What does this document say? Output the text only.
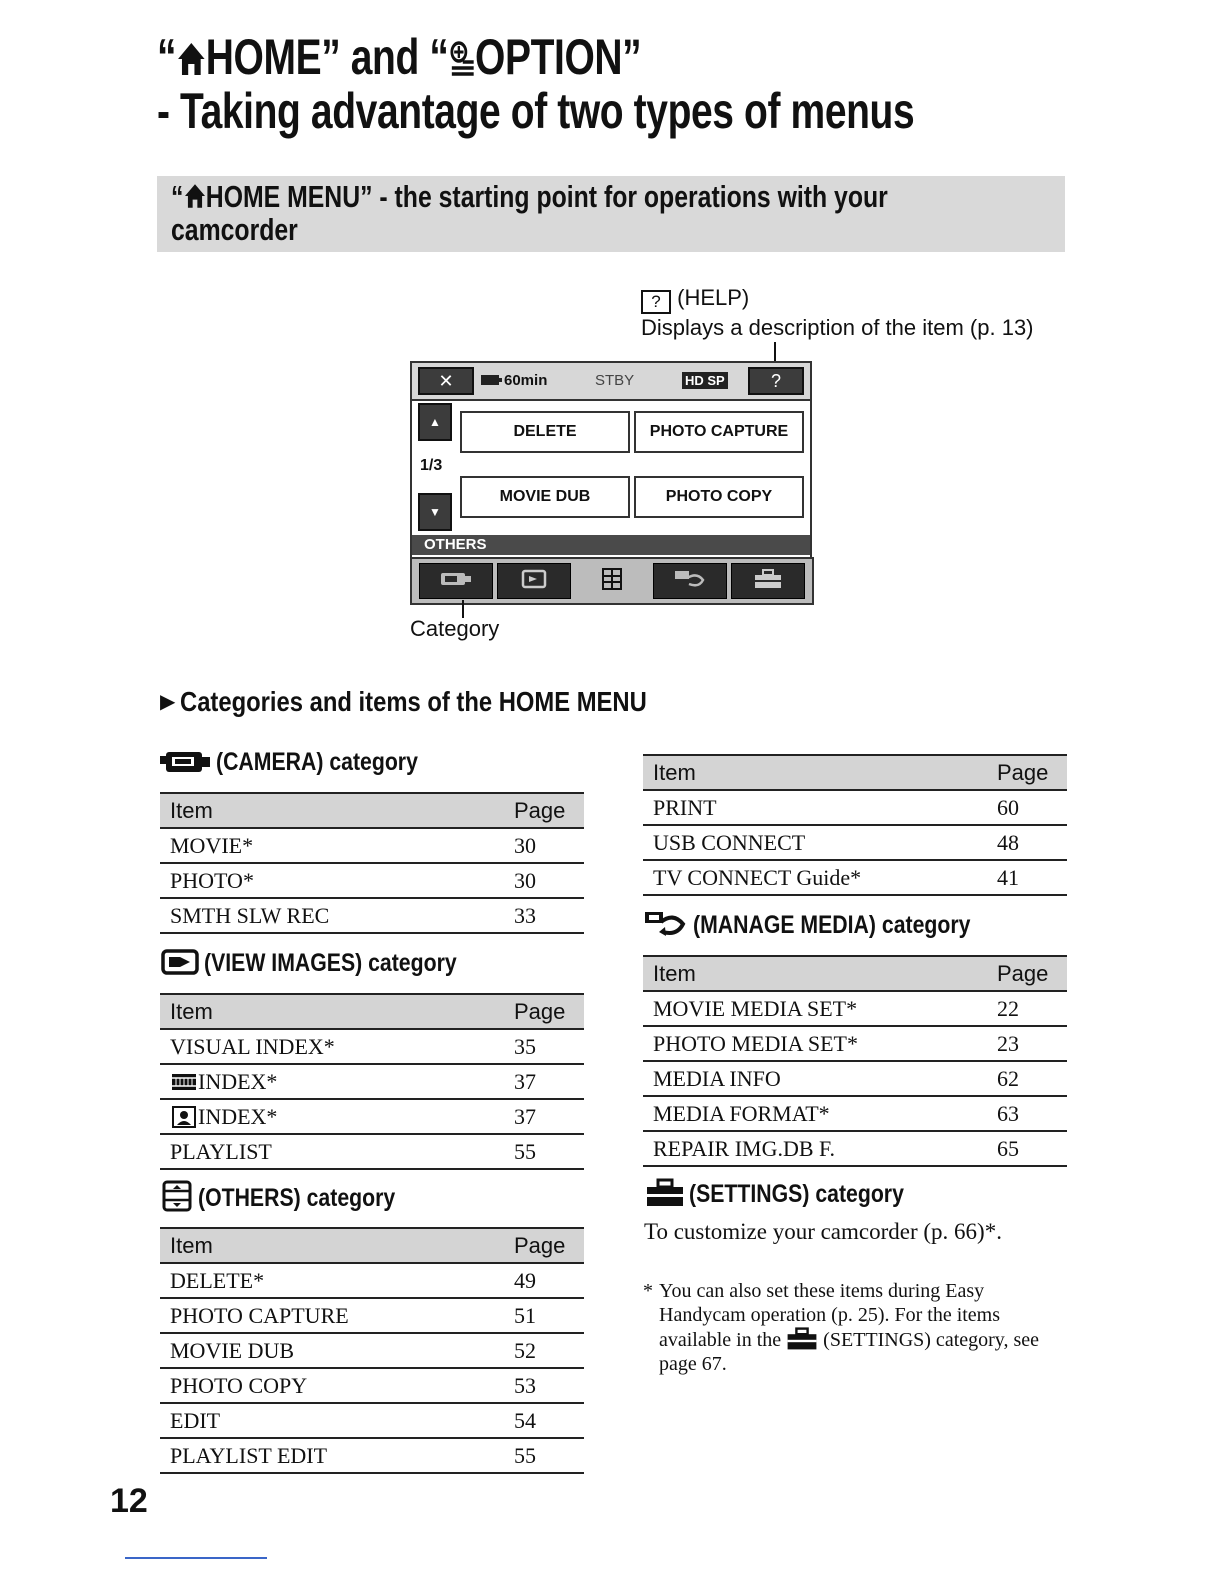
“ HOME” and “ OPTION”
- Taking advantage of two types of menus
“ HOME MENU” - the starting point for operations with your
camcorder
? (HELP)
Displays a description of the item (p. 13)
✕	60min	STBY	HD SP	?
▲
1/3
▼
DELETE	PHOTO CAPTURE
MOVIE DUB	PHOTO COPY
OTHERS
Category
▶ Categories and items of the HOME MENU
(CAMERA) category
Item	Page
MOVIE*	30
PHOTO*	30
SMTH SLW REC	33
(VIEW IMAGES) category
Item	Page
VISUAL INDEX*	35
INDEX*	37
INDEX*	37
PLAYLIST	55
(OTHERS) category
Item	Page
DELETE*	49
PHOTO CAPTURE	51
MOVIE DUB	52
PHOTO COPY	53
EDIT	54
PLAYLIST EDIT	55
Item	Page
PRINT	60
USB CONNECT	48
TV CONNECT Guide*	41
(MANAGE MEDIA) category
Item	Page
MOVIE MEDIA SET*	22
PHOTO MEDIA SET*	23
MEDIA INFO	62
MEDIA FORMAT*	63
REPAIR IMG.DB F.	65
(SETTINGS) category
To customize your camcorder (p. 66)*.
* You can also set these items during Easy
Handycam operation (p. 25). For the items
available in the (SETTINGS) category, see
page 67.
12
